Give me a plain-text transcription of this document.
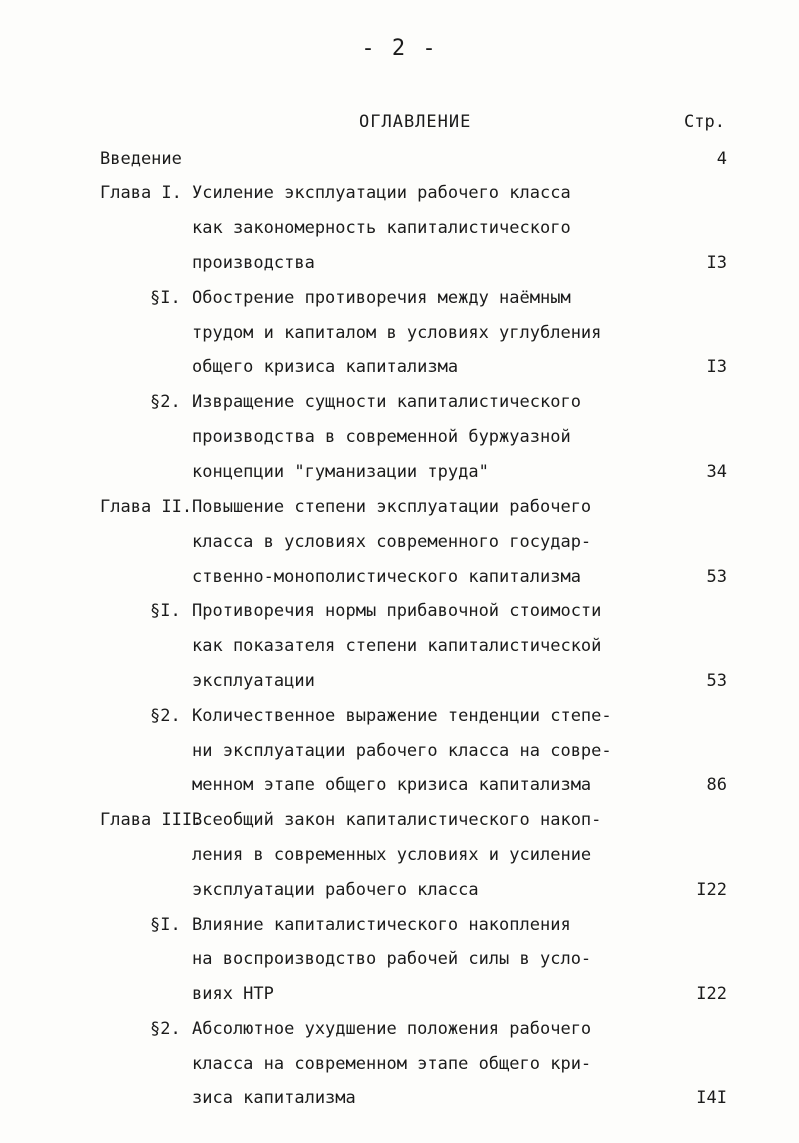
- 2 -
ОГЛАВЛЕНИЕ	Стр.
Введение	4
Глава I. Усиление эксплуатации рабочего класса
как закономерность капиталистического
производства	I3
§I. Обострение противоречия между наёмным
трудом и капиталом в условиях углубления
общего кризиса капитализма	I3
§2. Извращение сущности капиталистического
производства в современной буржуазной
концепции "гуманизации труда"	34
Глава II. Повышение степени эксплуатации рабочего
класса в условиях современного государ-
ственно-монополистического капитализма	53
§I. Противоречия нормы прибавочной стоимости
как показателя степени капиталистической
эксплуатации	53
§2. Количественное выражение тенденции степе-
ни эксплуатации рабочего класса на совре-
менном этапе общего кризиса капитализма	86
Глава III.
Всеобщий закон капиталистического накоп-
ления в современных условиях и усиление
эксплуатации рабочего класса	I22
§I. Влияние капиталистического накопления
на воспроизводство рабочей силы в усло-
виях НТР	I22
§2. Абсолютное ухудшение положения рабочего
класса на современном этапе общего кри-
зиса капитализма	I4I
